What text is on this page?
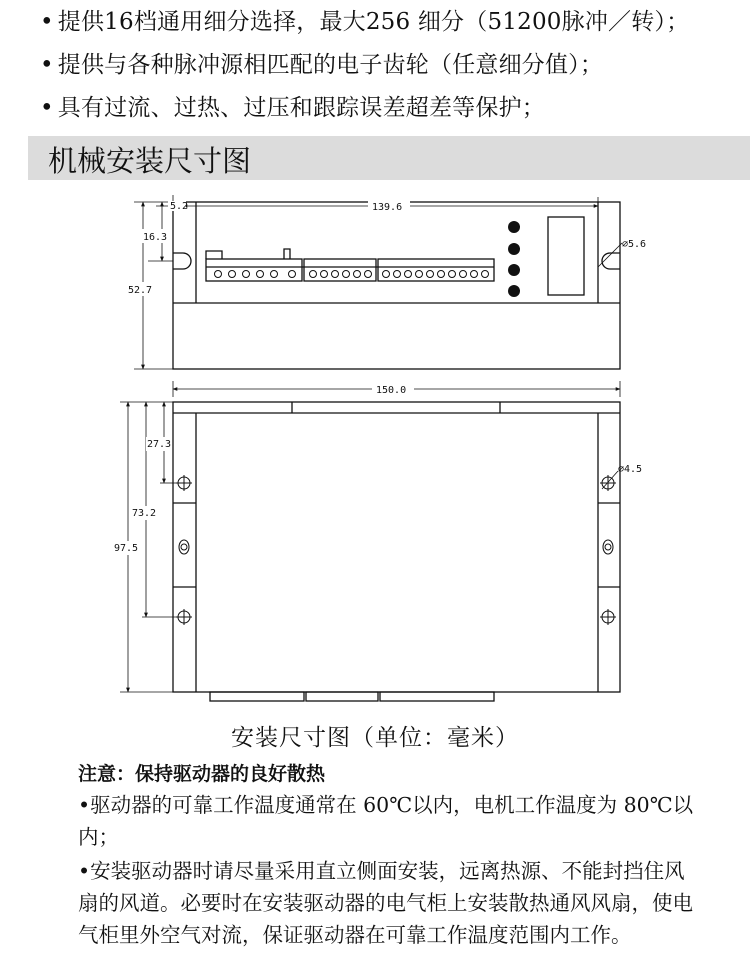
• 提供16档通用细分选择，最大256 细分（51200脉冲／转）；
• 提供与各种脉冲源相匹配的电子齿轮（任意细分值）；
• 具有过流、过热、过压和跟踪误差超差等保护；
机械安装尺寸图
5.2	139.6
16.3
52.7
⌀5.6
150.0
27.3
73.2
97.5
⌀4.5
安装尺寸图（单位：毫米）
注意：保持驱动器的良好散热
•驱动器的可靠工作温度通常在 60℃以内，电机工作温度为 80℃以内；
•安装驱动器时请尽量采用直立侧面安装，远离热源、不能封挡住风扇的风道。必要时在安装驱动器的电气柜上安装散热通风风扇，使电气柜里外空气对流，保证驱动器在可靠工作温度范围内工作。
